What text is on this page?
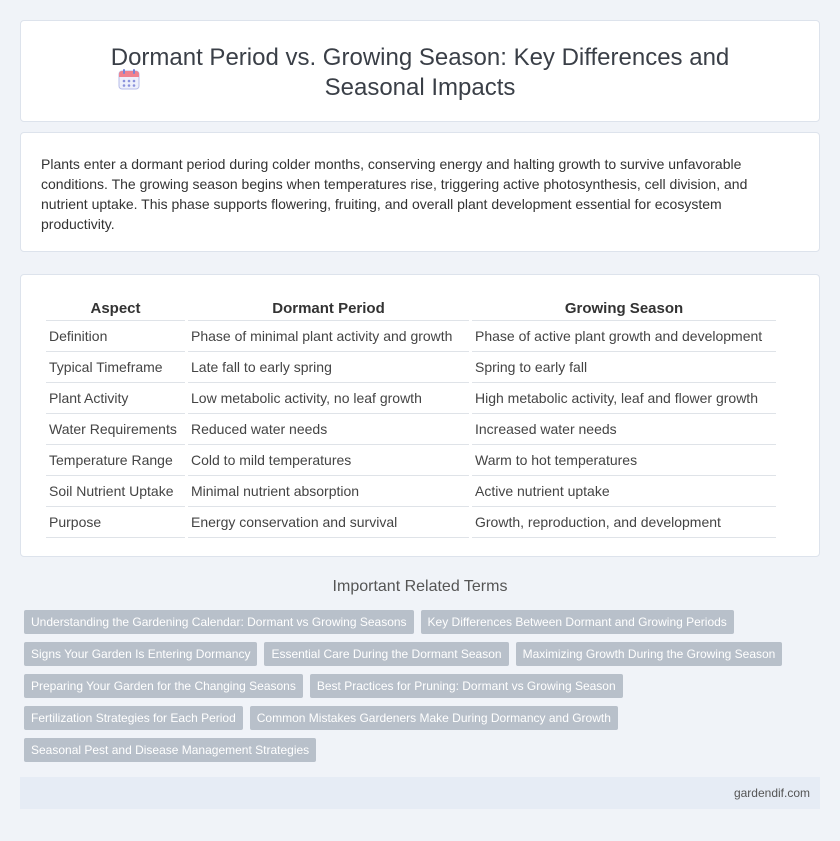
Dormant Period vs. Growing Season: Key Differences and Seasonal Impacts

Plants enter a dormant period during colder months, conserving energy and halting growth to survive unfavorable conditions. The growing season begins when temperatures rise, triggering active photosynthesis, cell division, and nutrient uptake. This phase supports flowering, fruiting, and overall plant development essential for ecosystem productivity.

Aspect	Dormant Period	Growing Season
Definition	Phase of minimal plant activity and growth	Phase of active plant growth and development
Typical Timeframe	Late fall to early spring	Spring to early fall
Plant Activity	Low metabolic activity, no leaf growth	High metabolic activity, leaf and flower growth
Water Requirements	Reduced water needs	Increased water needs
Temperature Range	Cold to mild temperatures	Warm to hot temperatures
Soil Nutrient Uptake	Minimal nutrient absorption	Active nutrient uptake
Purpose	Energy conservation and survival	Growth, reproduction, and development
Important Related Terms
Understanding the Gardening Calendar: Dormant vs Growing Seasons	Key Differences Between Dormant and Growing Periods
Signs Your Garden Is Entering Dormancy	Essential Care During the Dormant Season	Maximizing Growth During the Growing Season
Preparing Your Garden for the Changing Seasons	Best Practices for Pruning: Dormant vs Growing Season
Fertilization Strategies for Each Period	Common Mistakes Gardeners Make During Dormancy and Growth
Seasonal Pest and Disease Management Strategies
gardendif.com
